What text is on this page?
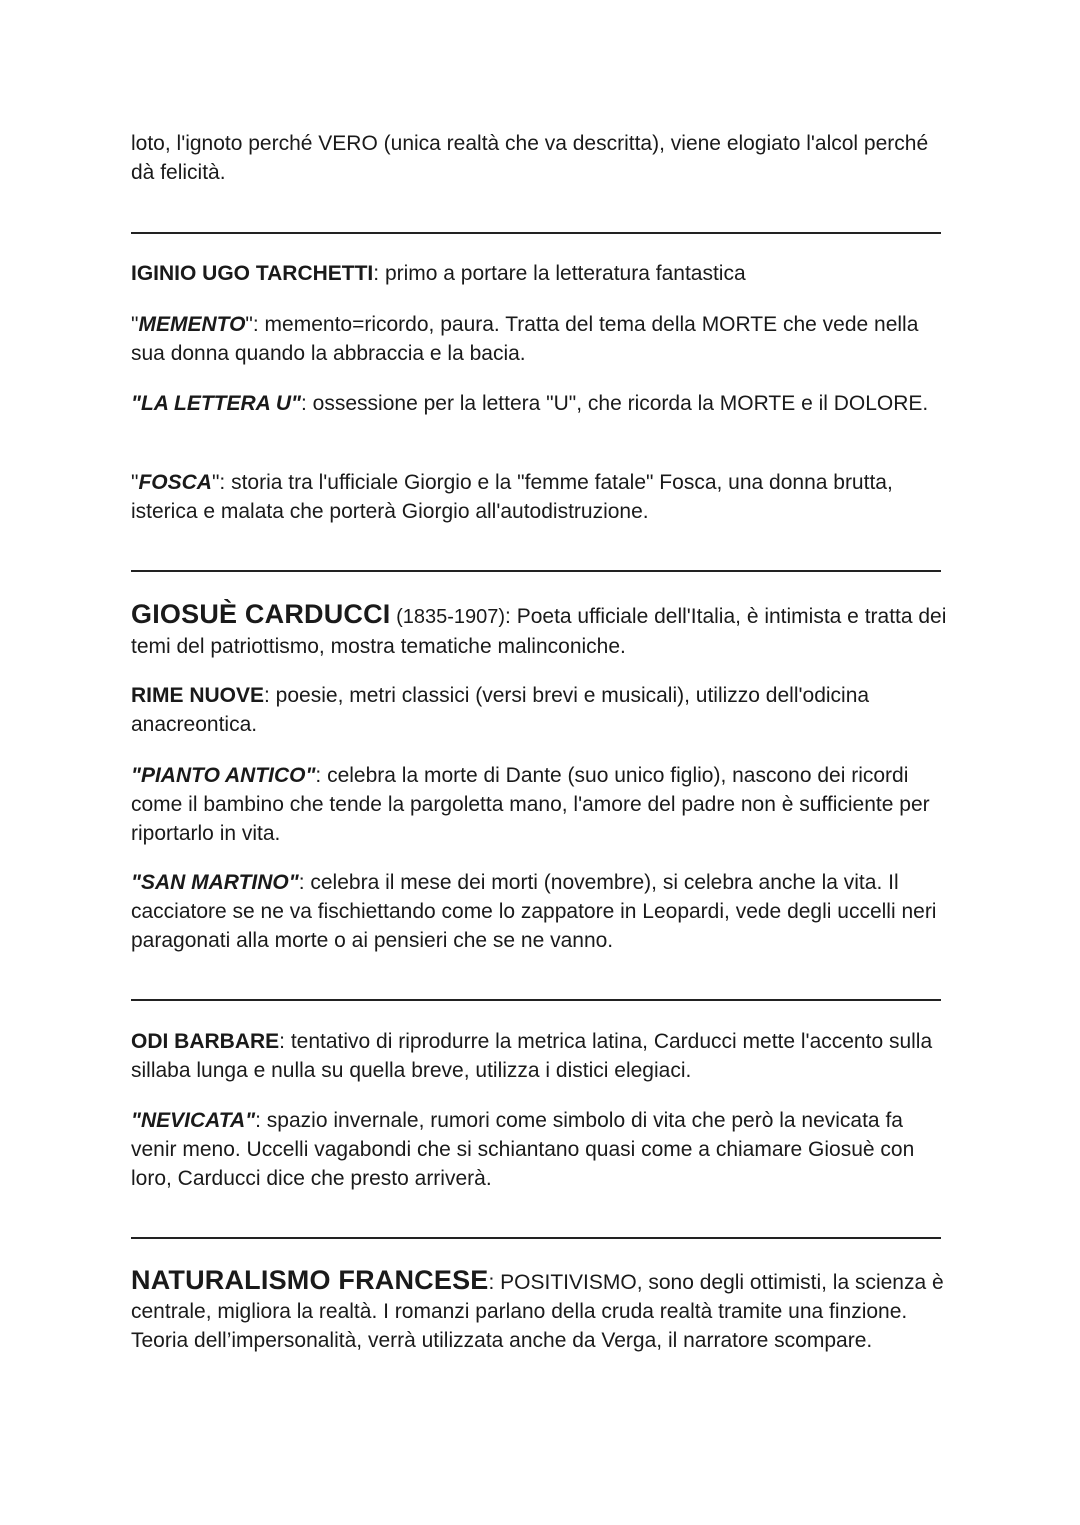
loto, l'ignoto perché VERO (unica realtà che va descritta), viene elogiato l'alcol perché dà felicità.

IGINIO UGO TARCHETTI: primo a portare la letteratura fantastica

"MEMENTO": memento=ricordo, paura. Tratta del tema della MORTE che vede nella sua donna quando la abbraccia e la bacia.

"LA LETTERA U": ossessione per la lettera "U", che ricorda la MORTE e il DOLORE.

"FOSCA": storia tra l'ufficiale Giorgio e la "femme fatale" Fosca, una donna brutta, isterica e malata che porterà Giorgio all'autodistruzione.

GIOSUÈ CARDUCCI (1835-1907): Poeta ufficiale dell'Italia, è intimista e tratta dei temi del patriottismo, mostra tematiche malinconiche.

RIME NUOVE: poesie, metri classici (versi brevi e musicali), utilizzo dell'odicina anacreontica.

"PIANTO ANTICO": celebra la morte di Dante (suo unico figlio), nascono dei ricordi come il bambino che tende la pargoletta mano, l'amore del padre non è sufficiente per riportarlo in vita.

"SAN MARTINO": celebra il mese dei morti (novembre), si celebra anche la vita. Il cacciatore se ne va fischiettando come lo zappatore in Leopardi, vede degli uccelli neri paragonati alla morte o ai pensieri che se ne vanno.

ODI BARBARE: tentativo di riprodurre la metrica latina, Carducci mette l'accento sulla sillaba lunga e nulla su quella breve, utilizza i distici elegiaci.

"NEVICATA": spazio invernale, rumori come simbolo di vita che però la nevicata fa venir meno. Uccelli vagabondi che si schiantano quasi come a chiamare Giosuè con loro, Carducci dice che presto arriverà.

NATURALISMO FRANCESE: POSITIVISMO, sono degli ottimisti, la scienza è centrale, migliora la realtà. I romanzi parlano della cruda realtà tramite una finzione. Teoria dell’impersonalità, verrà utilizzata anche da Verga, il narratore scompare.
